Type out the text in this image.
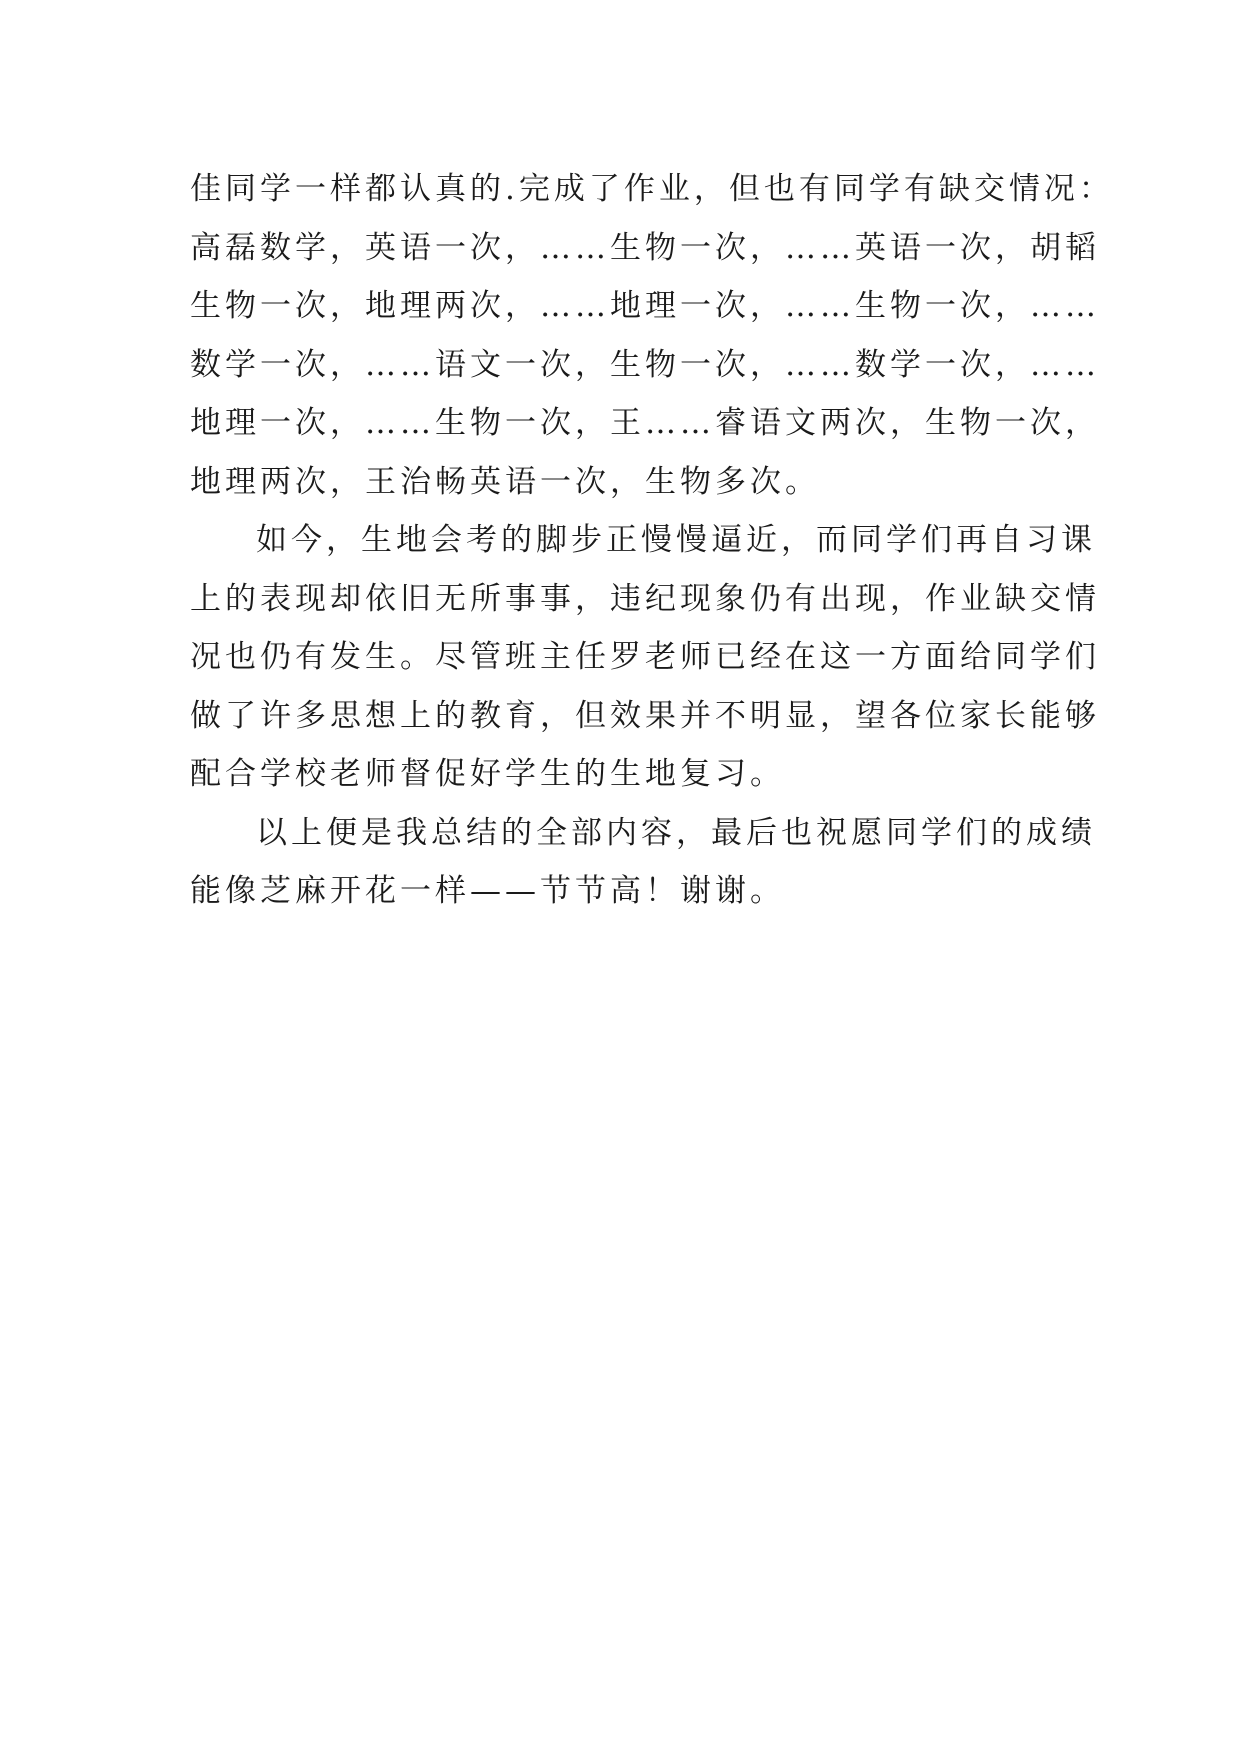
佳同学一样都认真的.完成了作业，但也有同学有缺交情况：
高磊数学，英语一次，……生物一次，……英语一次，胡韬
生物一次，地理两次，……地理一次，……生物一次，……
数学一次，……语文一次，生物一次，……数学一次，……
地理一次，……生物一次，王……睿语文两次，生物一次，
地理两次，王治畅英语一次，生物多次。
如今，生地会考的脚步正慢慢逼近，而同学们再自习课
上的表现却依旧无所事事，违纪现象仍有出现，作业缺交情
况也仍有发生。尽管班主任罗老师已经在这一方面给同学们
做了许多思想上的教育，但效果并不明显，望各位家长能够
配合学校老师督促好学生的生地复习。
以上便是我总结的全部内容，最后也祝愿同学们的成绩
能像芝麻开花一样——节节高！谢谢。
